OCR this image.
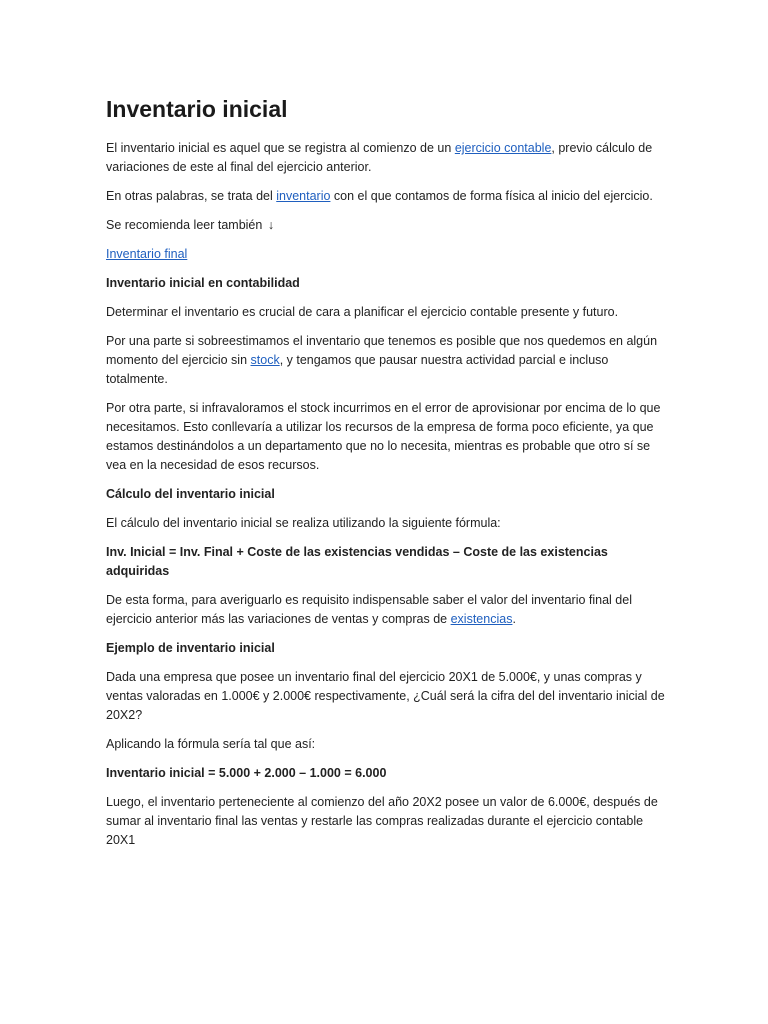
Inventario inicial

El inventario inicial es aquel que se registra al comienzo de un ejercicio contable, previo cálculo de variaciones de este al final del ejercicio anterior.

En otras palabras, se trata del inventario con el que contamos de forma física al inicio del ejercicio.

Se recomienda leer también ↓

Inventario final

Inventario inicial en contabilidad

Determinar el inventario es crucial de cara a planificar el ejercicio contable presente y futuro.

Por una parte si sobreestimamos el inventario que tenemos es posible que nos quedemos en algún momento del ejercicio sin stock, y tengamos que pausar nuestra actividad parcial e incluso totalmente.

Por otra parte, si infravaloramos el stock incurrimos en el error de aprovisionar por encima de lo que necesitamos. Esto conllevaría a utilizar los recursos de la empresa de forma poco eficiente, ya que estamos destinándolos a un departamento que no lo necesita, mientras es probable que otro sí se vea en la necesidad de esos recursos.

Cálculo del inventario inicial

El cálculo del inventario inicial se realiza utilizando la siguiente fórmula:

Inv. Inicial = Inv. Final + Coste de las existencias vendidas – Coste de las existencias adquiridas

De esta forma, para averiguarlo es requisito indispensable saber el valor del inventario final del ejercicio anterior más las variaciones de ventas y compras de existencias.

Ejemplo de inventario inicial

Dada una empresa que posee un inventario final del ejercicio 20X1 de 5.000€, y unas compras y ventas valoradas en 1.000€ y 2.000€ respectivamente, ¿Cuál será la cifra del del inventario inicial de 20X2?

Aplicando la fórmula sería tal que así:

Inventario inicial = 5.000 + 2.000 – 1.000 = 6.000

Luego, el inventario perteneciente al comienzo del año 20X2 posee un valor de 6.000€, después de sumar al inventario final las ventas y restarle las compras realizadas durante el ejercicio contable 20X1
